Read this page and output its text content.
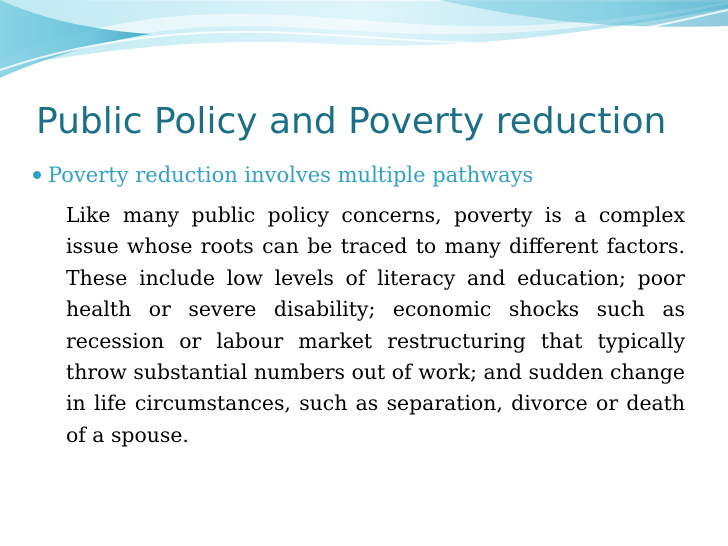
Public Policy and Poverty reduction
Poverty reduction involves multiple pathways

Like many public policy concerns, poverty is a complex issue whose roots can be traced to many different factors. These include low levels of literacy and education; poor health or severe disability; economic shocks such as recession or labour market restructuring that typically throw substantial numbers out of work; and sudden change in life circumstances, such as separation, divorce or death of a spouse.
